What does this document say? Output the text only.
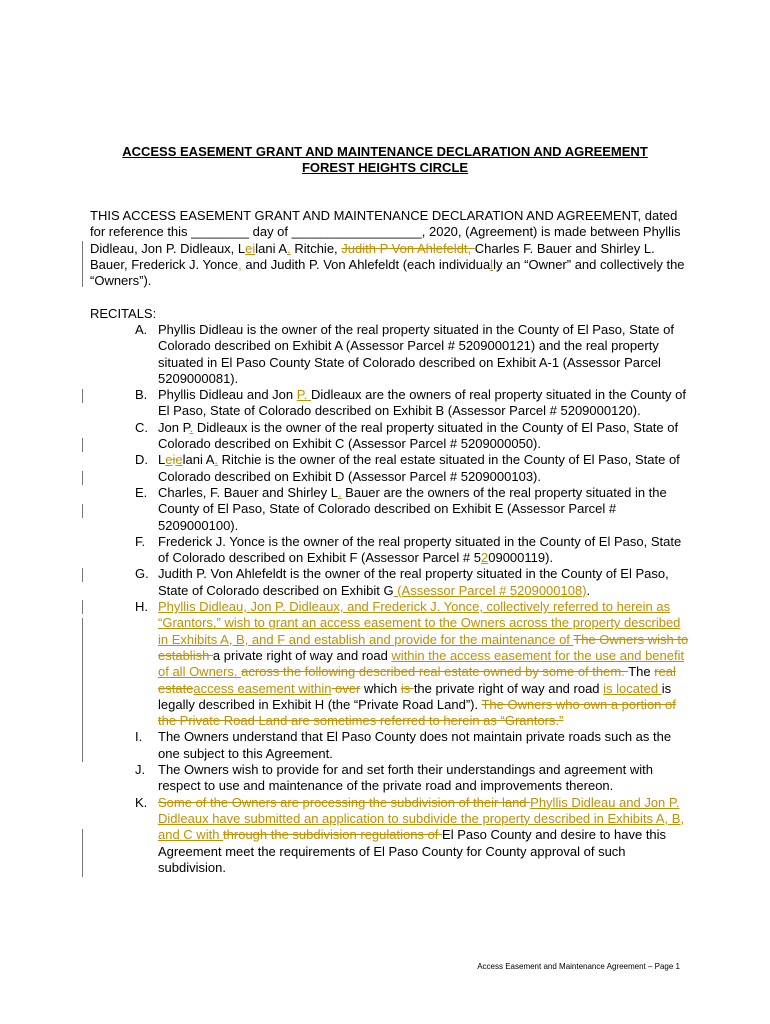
ACCESS EASEMENT GRANT AND MAINTENANCE DECLARATION AND AGREEMENT
FOREST HEIGHTS CIRCLE
THIS ACCESS EASEMENT GRANT AND MAINTENANCE DECLARATION AND AGREEMENT, dated for reference this ________ day of __________________, 2020, (Agreement) is made between Phyllis Didleau, Jon P. Didleaux, Leilani A. Ritchie, Judith P Von Ahlefeldt, Charles F. Bauer and Shirley L. Bauer, Frederick J. Yonce, and Judith P. Von Ahlefeldt (each individually an “Owner” and collectively the “Owners”).
RECITALS:
A. Phyllis Didleau is the owner of the real property situated in the County of El Paso, State of Colorado described on Exhibit A (Assessor Parcel # 5209000121) and the real property situated in El Paso County State of Colorado described on Exhibit A-1 (Assessor Parcel 5209000081).
B. Phyllis Didleau and Jon P. Didleaux are the owners of real property situated in the County of El Paso, State of Colorado described on Exhibit B (Assessor Parcel # 5209000120).
C. Jon P. Didleaux is the owner of the real property situated in the County of El Paso, State of Colorado described on Exhibit C (Assessor Parcel # 5209000050).
D. Leielani A. Ritchie is the owner of the real estate situated in the County of El Paso, State of Colorado described on Exhibit D (Assessor Parcel # 5209000103).
E. Charles, F. Bauer and Shirley L. Bauer are the owners of the real property situated in the County of El Paso, State of Colorado described on Exhibit E (Assessor Parcel # 5209000100).
F. Frederick J. Yonce is the owner of the real property situated in the County of El Paso, State of Colorado described on Exhibit F (Assessor Parcel # 5209000119).
G. Judith P. Von Ahlefeldt is the owner of the real property situated in the County of El Paso, State of Colorado described on Exhibit G (Assessor Parcel # 5209000108).
H. Phyllis Didleau, Jon P. Didleaux, and Frederick J. Yonce, collectively referred to herein as “Grantors,” wish to grant an access easement to the Owners across the property described in Exhibits A, B, and F and establish and provide for the maintenance of The Owners wish to establish a private right of way and road within the access easement for the use and benefit of all Owners. across the following described real estate owned by some of them. The real estateaccess easement within over which is the private right of way and road is located is legally described in Exhibit H (the “Private Road Land”). The Owners who own a portion of the Private Road Land are sometimes referred to herein as “Grantors.”
I. The Owners understand that El Paso County does not maintain private roads such as the one subject to this Agreement.
J. The Owners wish to provide for and set forth their understandings and agreement with respect to use and maintenance of the private road and improvements thereon.
K. Some of the Owners are processing the subdivision of their land Phyllis Didleau and Jon P. Didleaux have submitted an application to subdivide the property described in Exhibits A, B, and C with through the subdivision regulations of El Paso County and desire to have this Agreement meet the requirements of El Paso County for County approval of such subdivision.
Access Easement and Maintenance Agreement – Page 1
